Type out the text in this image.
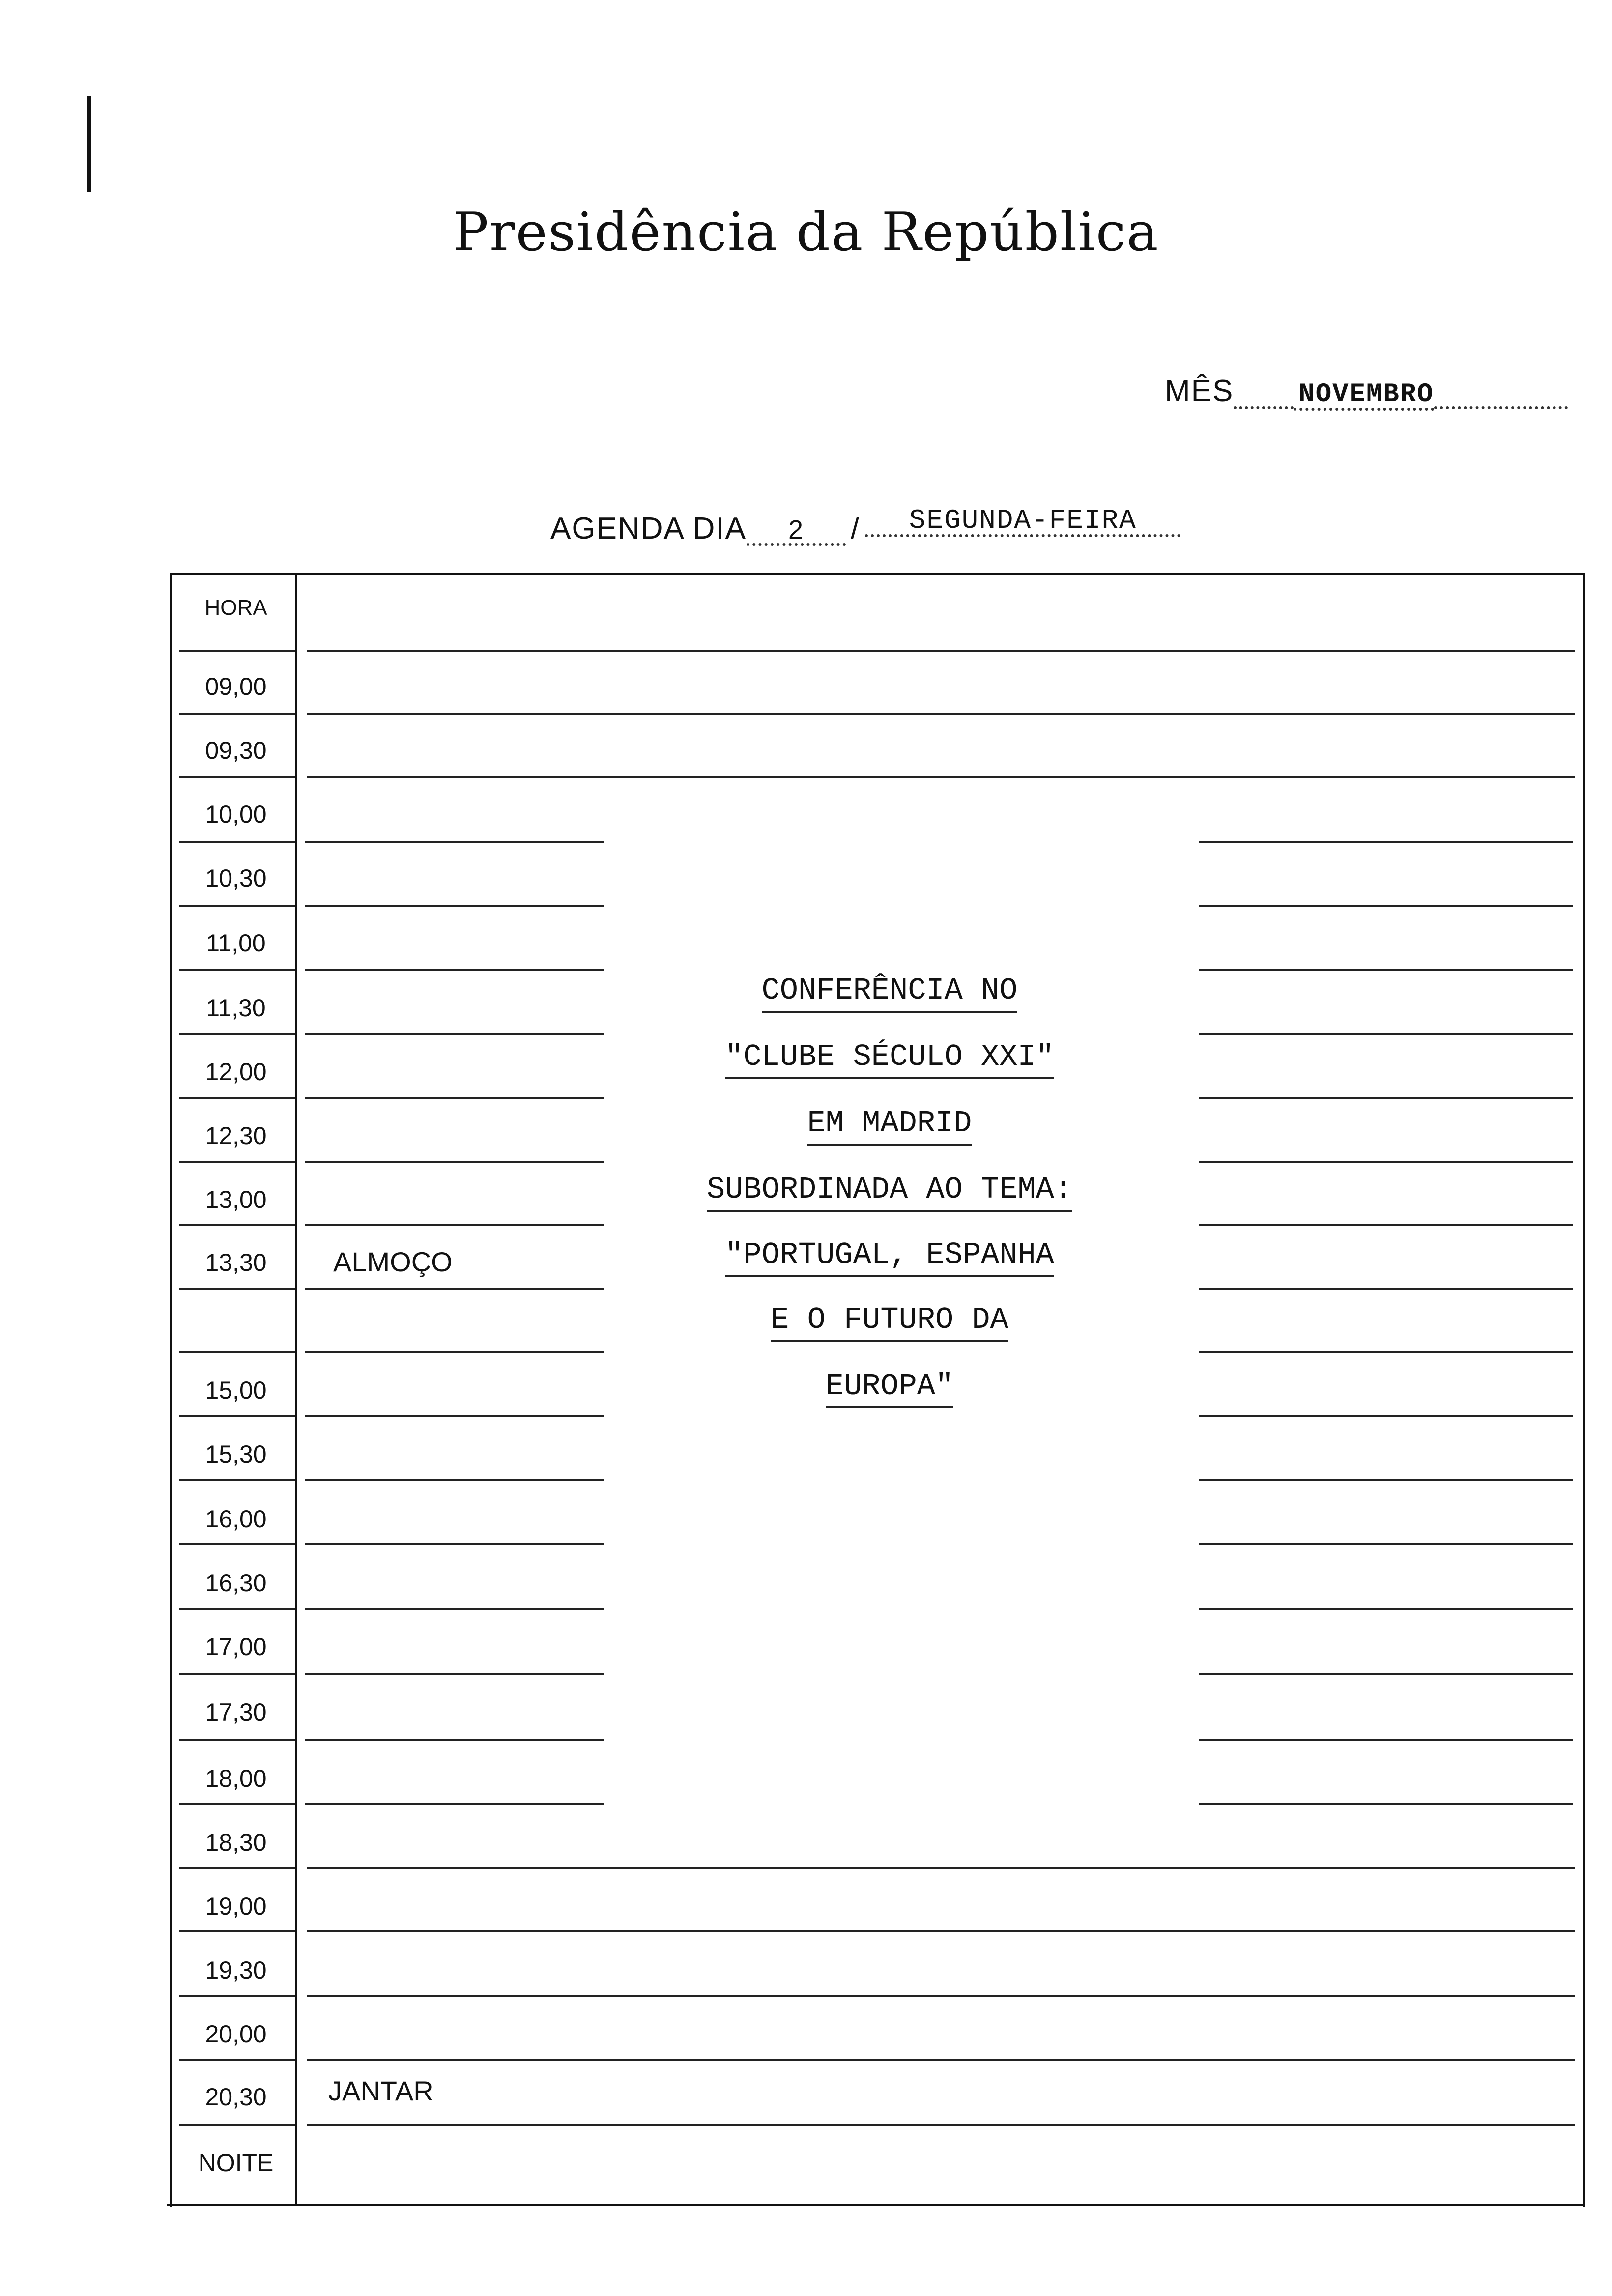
Presidência da República
MÊS NOVEMBRO
AGENDA DIA 2 / SEGUNDA-FEIRA
HORA
09,00
09,30
10,00
10,30
11,00
11,30
12,00
12,30
13,00
13,30
15,00
15,30
16,00
16,30
17,00
17,30
18,00
18,30
19,00
19,30
20,00
20,30
NOITE
ALMOÇO
JANTAR
CONFERÊNCIA NO
"CLUBE SÉCULO XXI"
EM MADRID
SUBORDINADA AO TEMA:
"PORTUGAL, ESPANHA
E O FUTURO DA
EUROPA"
